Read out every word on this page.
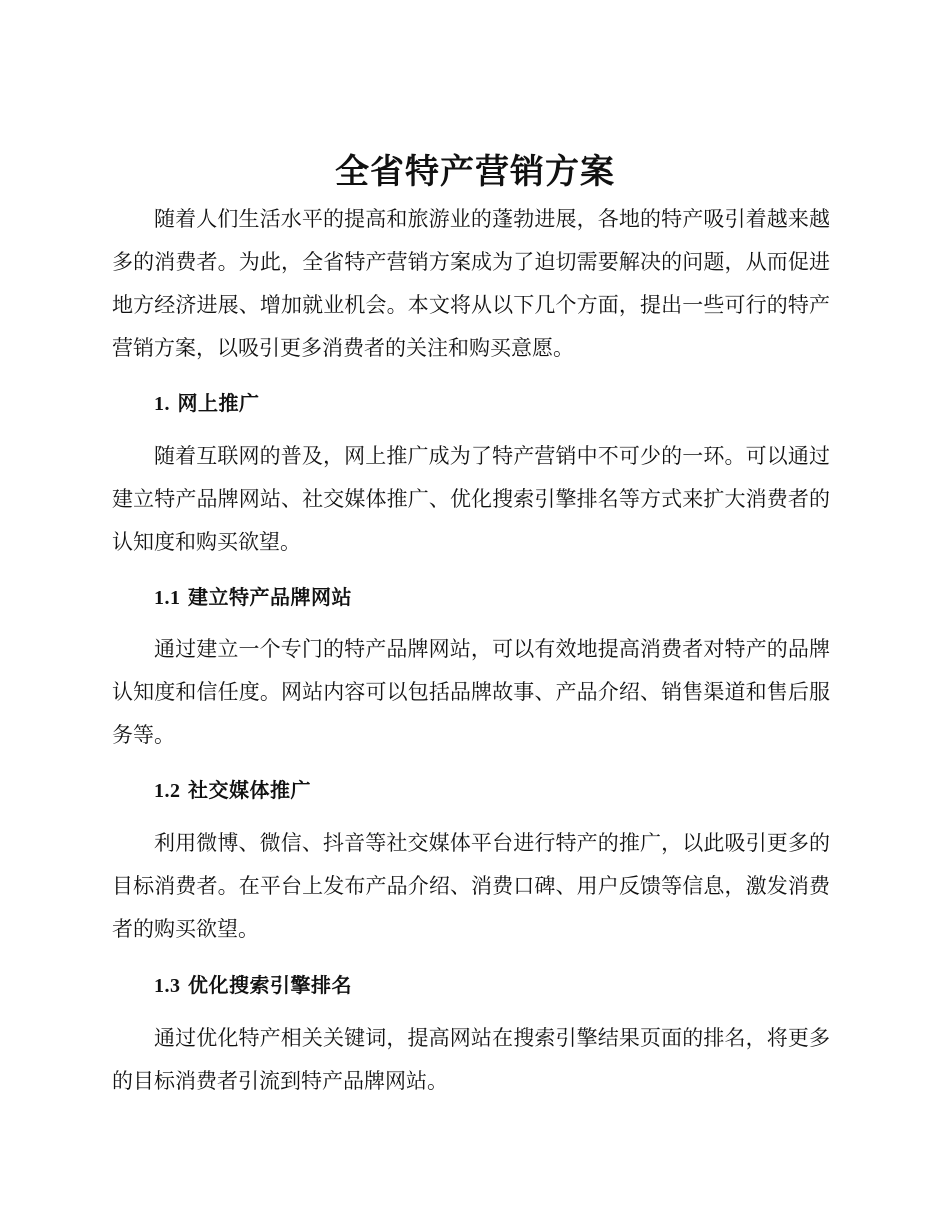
全省特产营销方案

随着人们生活水平的提高和旅游业的蓬勃进展，各地的特产吸引着越来越多的消费者。为此，全省特产营销方案成为了迫切需要解决的问题，从而促进地方经济进展、增加就业机会。本文将从以下几个方面，提出一些可行的特产营销方案，以吸引更多消费者的关注和购买意愿。

1. 网上推广

随着互联网的普及，网上推广成为了特产营销中不可少的一环。可以通过建立特产品牌网站、社交媒体推广、优化搜索引擎排名等方式来扩大消费者的认知度和购买欲望。

1.1 建立特产品牌网站

通过建立一个专门的特产品牌网站，可以有效地提高消费者对特产的品牌认知度和信任度。网站内容可以包括品牌故事、产品介绍、销售渠道和售后服务等。

1.2 社交媒体推广

利用微博、微信、抖音等社交媒体平台进行特产的推广，以此吸引更多的目标消费者。在平台上发布产品介绍、消费口碑、用户反馈等信息，激发消费者的购买欲望。

1.3 优化搜索引擎排名

通过优化特产相关关键词，提高网站在搜索引擎结果页面的排名，将更多的目标消费者引流到特产品牌网站。
